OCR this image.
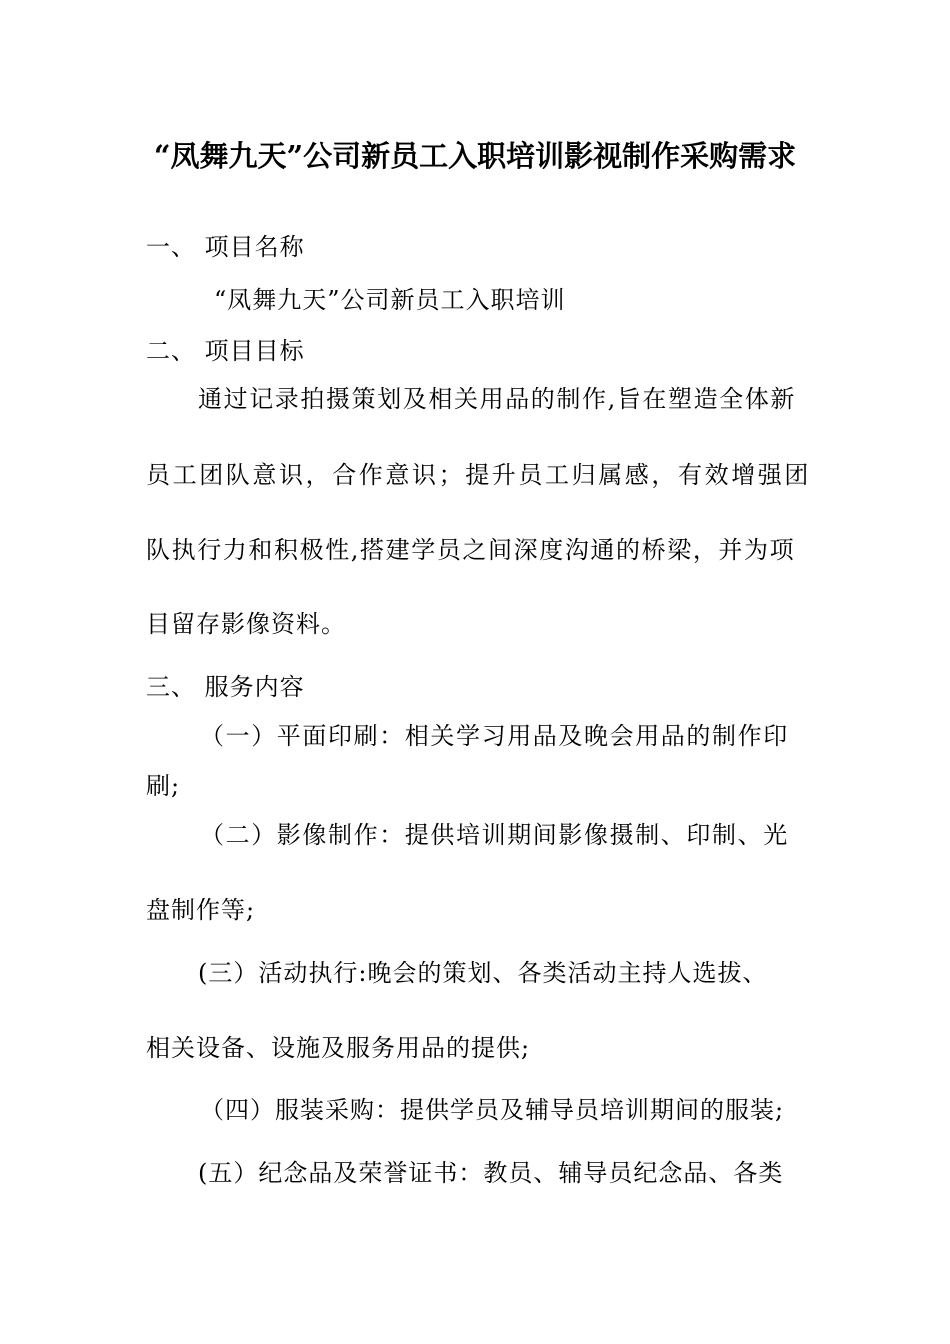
“凤舞九天”公司新员工入职培训影视制作采购需求
一、 项目名称
“凤舞九天”公司新员工入职培训
二、 项目目标
通过记录拍摄策划及相关用品的制作,旨在塑造全体新
员工团队意识，合作意识；提升员工归属感，有效增强团
队执行力和积极性,搭建学员之间深度沟通的桥梁，并为项
目留存影像资料。
三、 服务内容
（一）平面印刷：相关学习用品及晚会用品的制作印
刷;
（二）影像制作：提供培训期间影像摄制、印制、光
盘制作等;
(三）活动执行:晚会的策划、各类活动主持人选拔、
相关设备、设施及服务用品的提供;
（四）服装采购：提供学员及辅导员培训期间的服装;
(五）纪念品及荣誉证书：教员、辅导员纪念品、各类
